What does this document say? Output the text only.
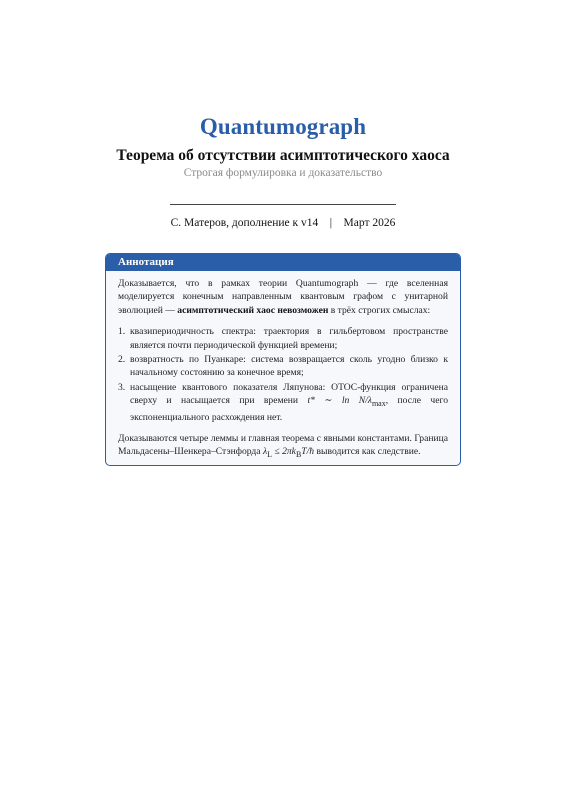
Quantumograph
Теорема об отсутствии асимптотического хаоса
Строгая формулировка и доказательство
С. Матеров, дополнение к v14    |    Март 2026
Аннотация

Доказывается, что в рамках теории Quantumograph — где вселенная моделируется конечным направленным квантовым графом с унитарной эволюцией — асимптотический хаос невозможен в трёх строгих смыслах:

1. квазипериодичность спектра: траектория в гильбертовом пространстве является почти периодической функцией времени;
2. возвратность по Пуанкаре: система возвращается сколь угодно близко к начальному состоянию за конечное время;
3. насыщение квантового показателя Ляпунова: OTOC-функция ограничена сверху и насыщается при времени t* ∼ $\ln N/\lambda_{max}$, после чего экспоненциального расхождения нет.

Доказываются четыре леммы и главная теорема с явными константами. Граница Мальдасены–Шенкера–Стэнфорда $\lambda_L$ ≤ $2\pi k_BT/ħ$ выводится как следствие.
